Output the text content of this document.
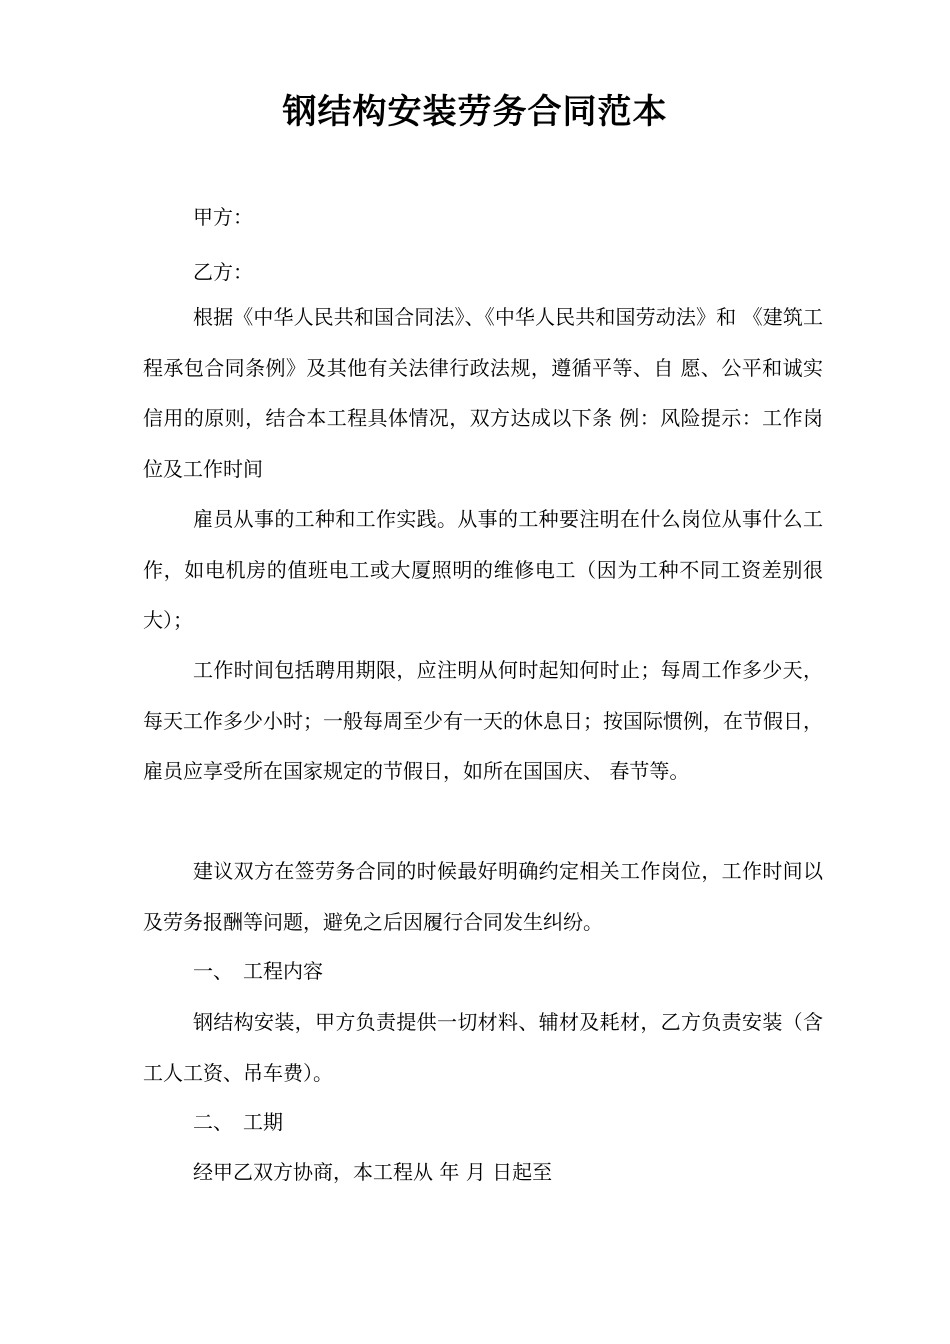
钢结构安装劳务合同范本

甲方：

乙方：

根据《中华人民共和国合同法》、《中华人民共和国劳动法》和 《建筑工程承包合同条例》及其他有关法律行政法规，遵循平等、自 愿、公平和诚实信用的原则，结合本工程具体情况，双方达成以下条 例：风险提示：工作岗位及工作时间

雇员从事的工种和工作实践。从事的工种要注明在什么岗位从事什么工作，如电机房的值班电工或大厦照明的维修电工（因为工种不同工资差别很大）；

工作时间包括聘用期限，应注明从何时起知何时止；每周工作多少天，每天工作多少小时；一般每周至少有一天的休息日；按国际惯例，在节假日，雇员应享受所在国家规定的节假日，如所在国国庆、 春节等。

建议双方在签劳务合同的时候最好明确约定相关工作岗位，工作时间以及劳务报酬等问题，避免之后因履行合同发生纠纷。

一、　工程内容

钢结构安装，甲方负责提供一切材料、辅材及耗材，乙方负责安装（含工人工资、吊车费）。

二、　工期

经甲乙双方协商，本工程从 年 月 日起至
